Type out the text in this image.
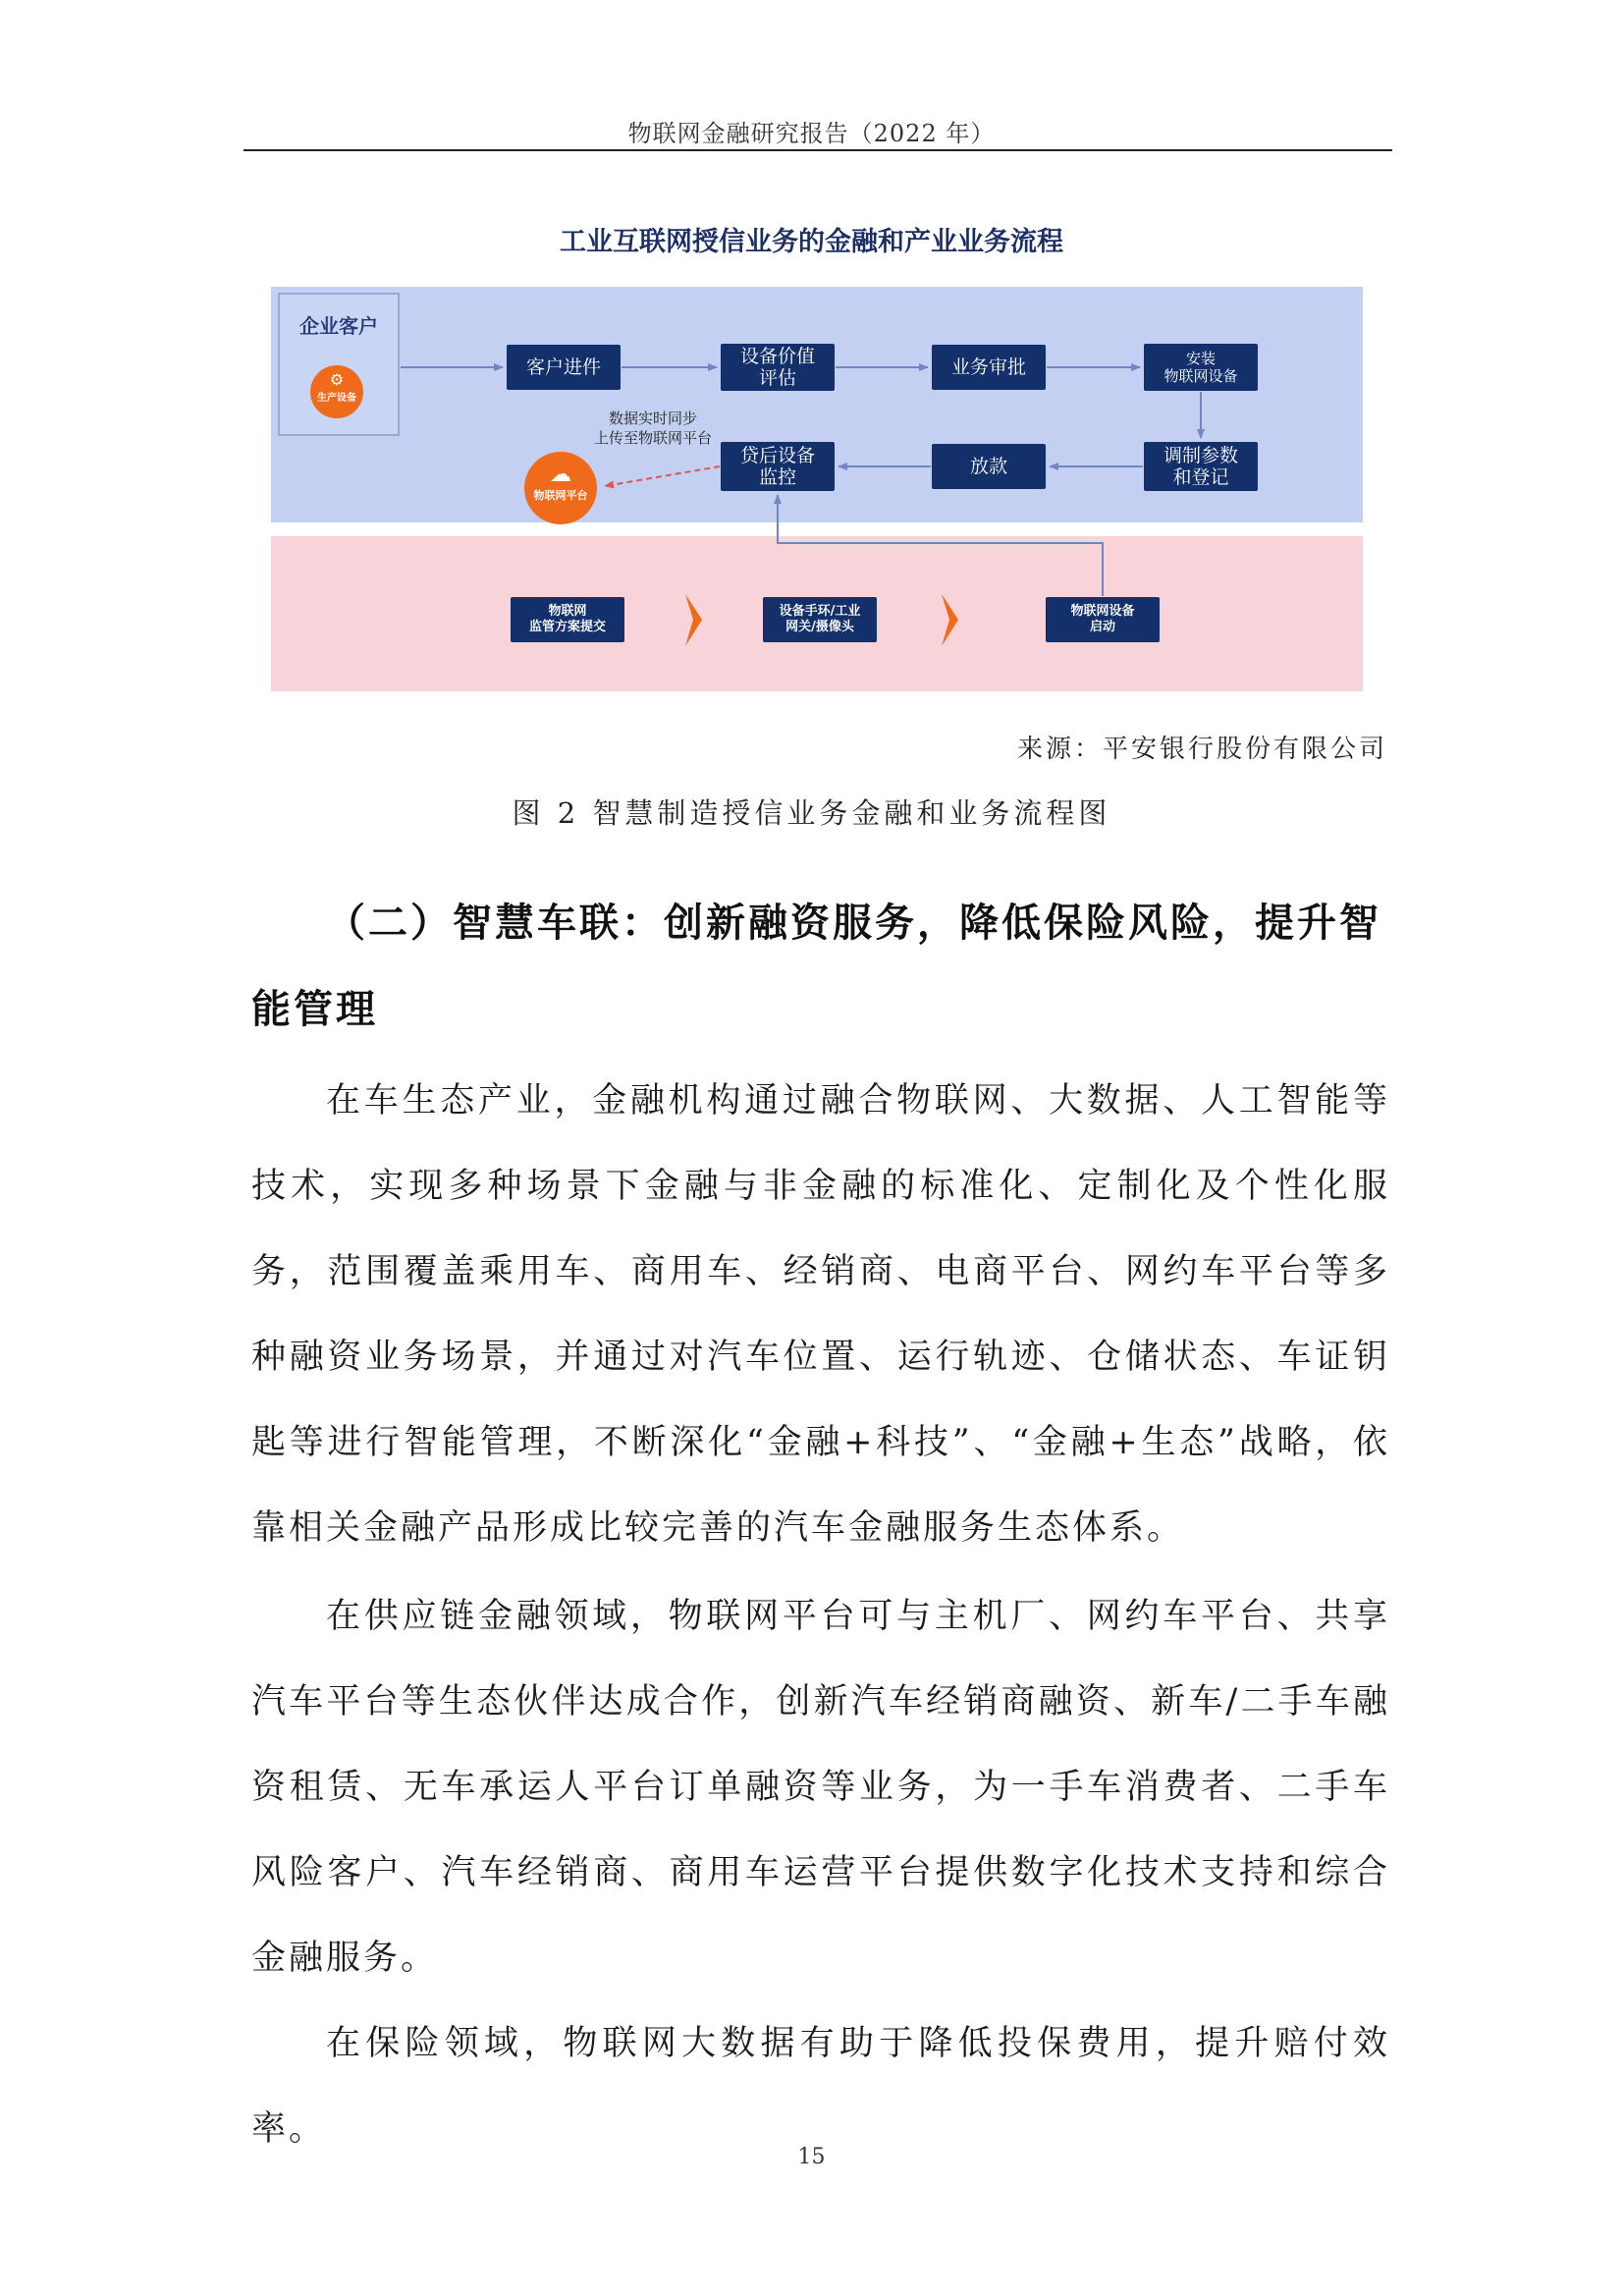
物联网金融研究报告（2022 年）
工业互联网授信业务的金融和产业业务流程
企业客户
⚙
生产设备
数据实时同步
上传至物联网平台
☁
物联网平台
客户进件	设备价值
评估	业务审批	安装
物联网设备
调制参数
和登记
放款
贷后设备
监控
物联网
监管方案提交
设备手环/工业
网关/摄像头
物联网设备
启动
来源：平安银行股份有限公司
图 2 智慧制造授信业务金融和业务流程图
（二）智慧车联：创新融资服务，降低保险风险，提升智能管理
在车生态产业，金融机构通过融合物联网、大数据、人工智能等技术，实现多种场景下金融与非金融的标准化、定制化及个性化服务，范围覆盖乘用车、商用车、经销商、电商平台、网约车平台等多种融资业务场景，并通过对汽车位置、运行轨迹、仓储状态、车证钥匙等进行智能管理，不断深化“金融+科技”、“金融+生态”战略，依靠相关金融产品形成比较完善的汽车金融服务生态体系。
在供应链金融领域，物联网平台可与主机厂、网约车平台、共享汽车平台等生态伙伴达成合作，创新汽车经销商融资、新车/二手车融资租赁、无车承运人平台订单融资等业务，为一手车消费者、二手车风险客户、汽车经销商、商用车运营平台提供数字化技术支持和综合金融服务。
在保险领域，物联网大数据有助于降低投保费用，提升赔付效率。
15
